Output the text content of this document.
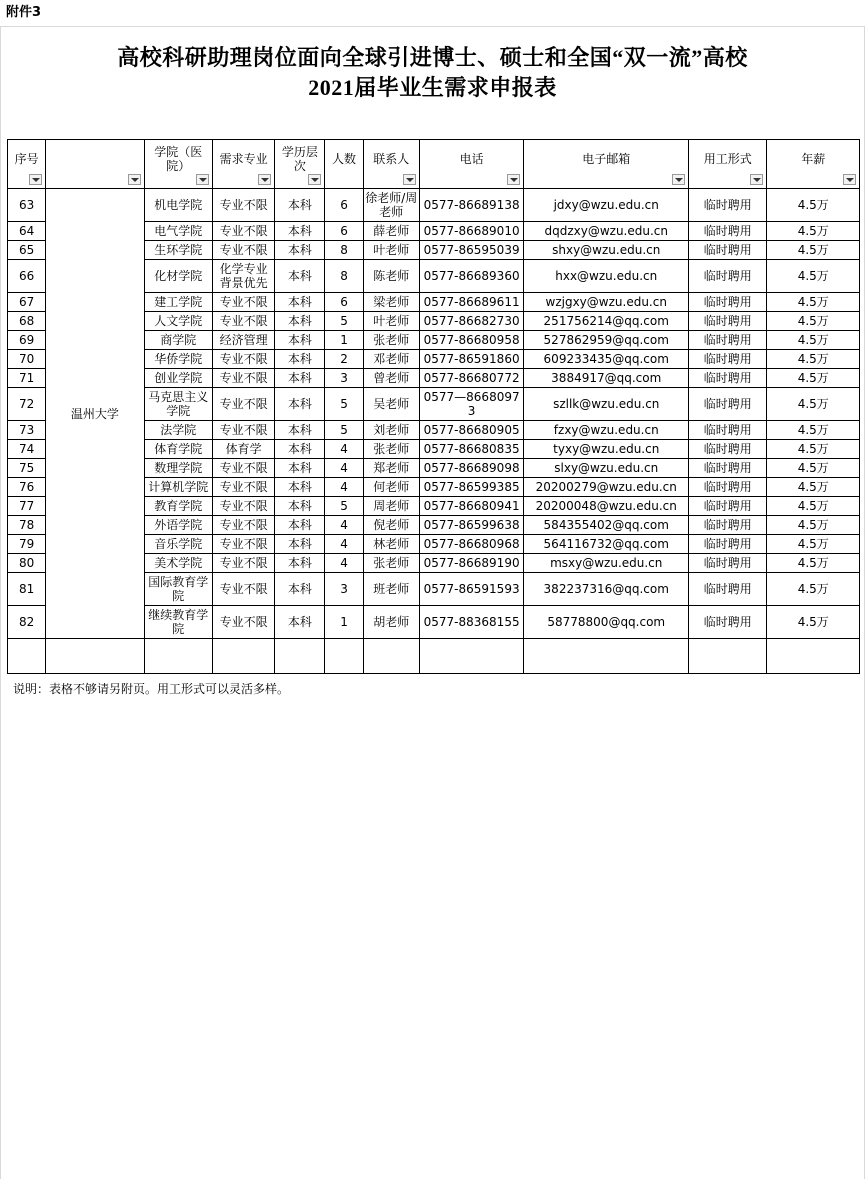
附件3
高校科研助理岗位面向全球引进博士、硕士和全国“双一流”高校
2021届毕业生需求申报表
序号		学院（医院）	需求专业	学历层次	人数	联系人	电话	电子邮箱	用工形式	年薪

63	温州大学	机电学院	专业不限	本科	6	徐老师/周老师	0577-86689138	jdxy@wzu.edu.cn	临时聘用	4.5万
64		电气学院	专业不限	本科	6	薛老师	0577-86689010	dqdzxy@wzu.edu.cn	临时聘用	4.5万
65		生环学院	专业不限	本科	8	叶老师	0577-86595039	shxy@wzu.edu.cn	临时聘用	4.5万
66		化材学院	化学专业背景优先	本科	8	陈老师	0577-86689360	hxx@wzu.edu.cn	临时聘用	4.5万
67		建工学院	专业不限	本科	6	梁老师	0577-86689611	wzjgxy@wzu.edu.cn	临时聘用	4.5万
68		人文学院	专业不限	本科	5	叶老师	0577-86682730	251756214@qq.com	临时聘用	4.5万
69		商学院	经济管理	本科	1	张老师	0577-86680958	527862959@qq.com	临时聘用	4.5万
70		华侨学院	专业不限	本科	2	邓老师	0577-86591860	609233435@qq.com	临时聘用	4.5万
71		创业学院	专业不限	本科	3	曾老师	0577-86680772	3884917@qq.com	临时聘用	4.5万
72		马克思主义学院	专业不限	本科	5	吴老师	0577—86680973	szllk@wzu.edu.cn	临时聘用	4.5万
73		法学院	专业不限	本科	5	刘老师	0577-86680905	fzxy@wzu.edu.cn	临时聘用	4.5万
74		体育学院	体育学	本科	4	张老师	0577-86680835	tyxy@wzu.edu.cn	临时聘用	4.5万
75		数理学院	专业不限	本科	4	郑老师	0577-86689098	slxy@wzu.edu.cn	临时聘用	4.5万
76		计算机学院	专业不限	本科	4	何老师	0577-86599385	20200279@wzu.edu.cn	临时聘用	4.5万
77		教育学院	专业不限	本科	5	周老师	0577-86680941	20200048@wzu.edu.cn	临时聘用	4.5万
78		外语学院	专业不限	本科	4	倪老师	0577-86599638	584355402@qq.com	临时聘用	4.5万
79		音乐学院	专业不限	本科	4	林老师	0577-86680968	564116732@qq.com	临时聘用	4.5万
80		美术学院	专业不限	本科	4	张老师	0577-86689190	msxy@wzu.edu.cn	临时聘用	4.5万
81		国际教育学院	专业不限	本科	3	班老师	0577-86591593	382237316@qq.com	临时聘用	4.5万
82		继续教育学院	专业不限	本科	1	胡老师	0577-88368155	58778800@qq.com	临时聘用	4.5万

说明：表格不够请另附页。用工形式可以灵活多样。
